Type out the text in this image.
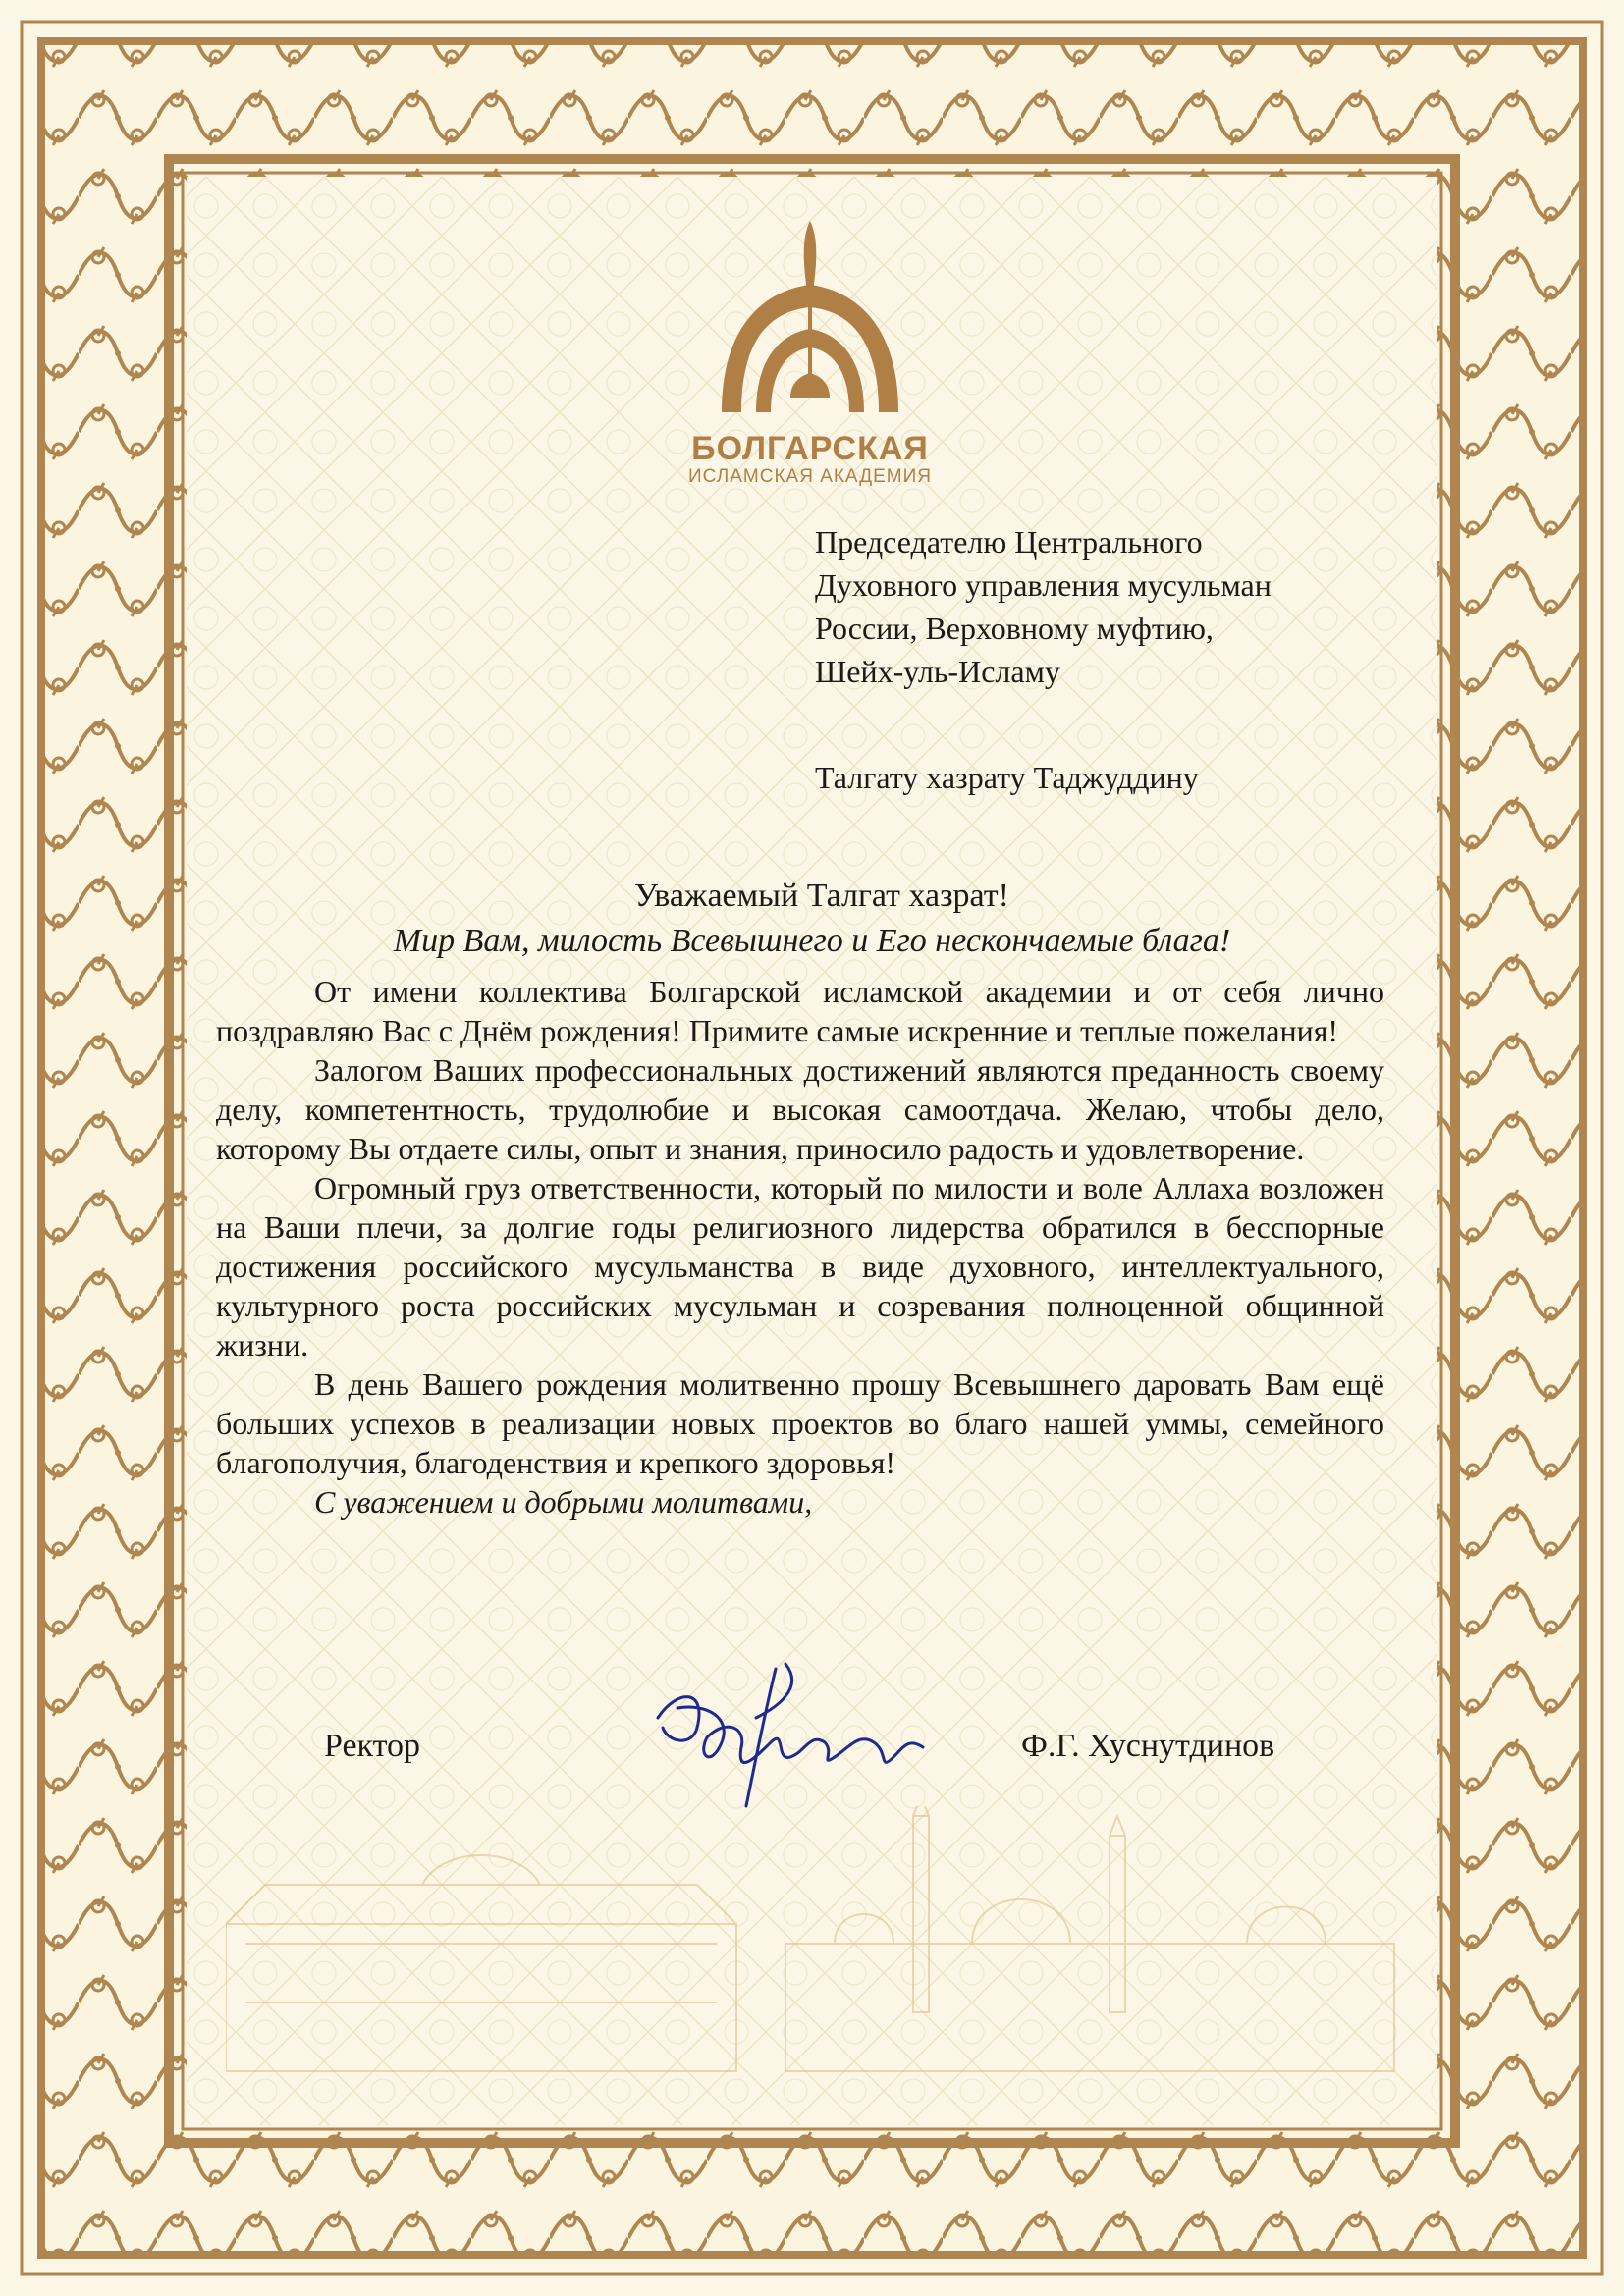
БОЛГАРСКАЯ
ИСЛАМСКАЯ АКАДЕМИЯ

Председателю Центрального

Духовного управления мусульман

России, Верховному муфтию,

Шейх-уль-Исламу

Талгату хазрату Таджуддину

Уважаемый Талгат хазрат!

Мир Вам, милость Всевышнего и Его нескончаемые блага!

От имени коллектива Болгарской исламской академии и от себя лично поздравляю Вас с Днём рождения! Примите самые искренние и теплые пожелания!

Залогом Ваших профессиональных достижений являются преданность своему делу, компетентность, трудолюбие и высокая самоотдача. Желаю, чтобы дело, которому Вы отдаете силы, опыт и знания, приносило радость и удовлетворение.

Огромный груз ответственности, который по милости и воле Аллаха возложен на Ваши плечи, за долгие годы религиозного лидерства обратился в бесспорные достижения российского мусульманства в виде духовного, интеллектуального, культурного роста российских мусульман и созревания полноценной общинной жизни.

В день Вашего рождения молитвенно прошу Всевышнего даровать Вам ещё больших успехов в реализации новых проектов во благо нашей уммы, семейного благополучия, благоденствия и крепкого здоровья!

С уважением и добрыми молитвами,

Ректор	Ф.Г. Хуснутдинов
